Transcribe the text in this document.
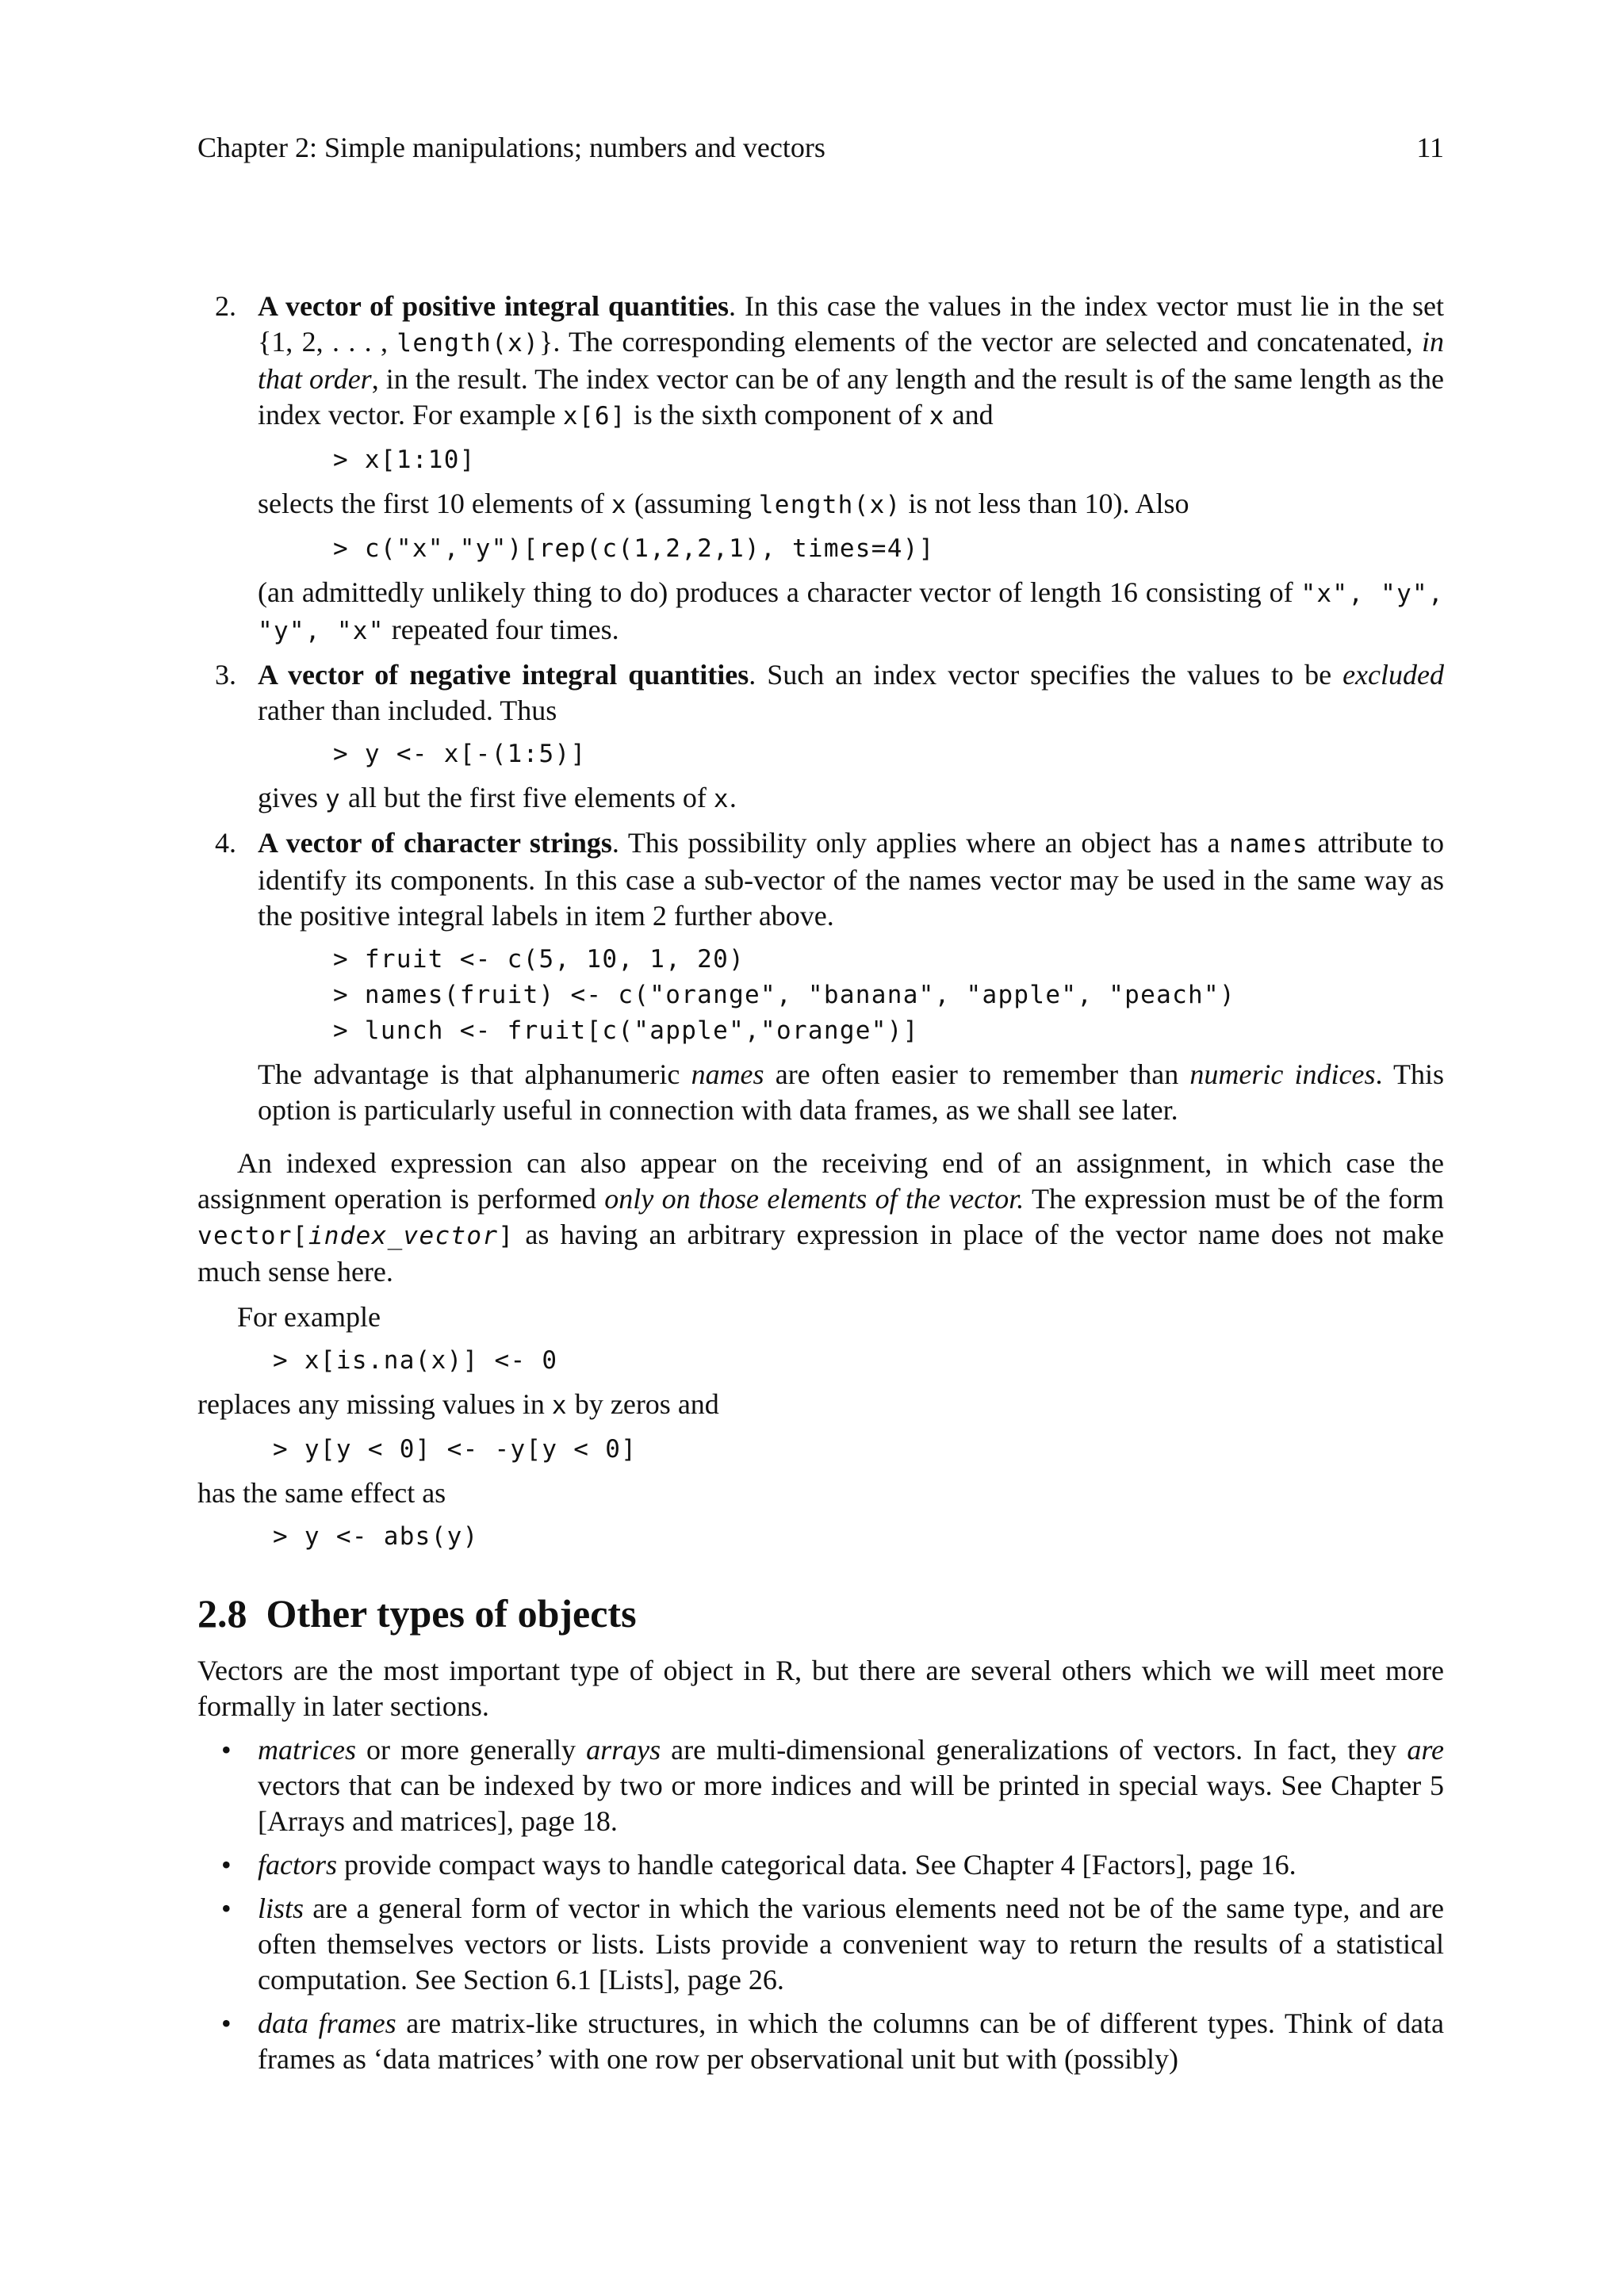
Chapter 2: Simple manipulations; numbers and vectors	11
2. A vector of positive integral quantities. In this case the values in the index vector must lie in the set {1, 2, . . . , length(x)}. The corresponding elements of the vector are selected and concatenated, in that order, in the result. The index vector can be of any length and the result is of the same length as the index vector. For example x[6] is the sixth component of x and

> x[1:10]

selects the first 10 elements of x (assuming length(x) is not less than 10). Also

> c("x","y")[rep(c(1,2,2,1), times=4)]

(an admittedly unlikely thing to do) produces a character vector of length 16 consisting of "x", "y", "y", "x" repeated four times.

3. A vector of negative integral quantities. Such an index vector specifies the values to be excluded rather than included. Thus

> y <- x[-(1:5)]

gives y all but the first five elements of x.

4. A vector of character strings. This possibility only applies where an object has a names attribute to identify its components. In this case a sub-vector of the names vector may be used in the same way as the positive integral labels in item 2 further above.

> fruit <- c(5, 10, 1, 20)
> names(fruit) <- c("orange", "banana", "apple", "peach")
> lunch <- fruit[c("apple","orange")]

The advantage is that alphanumeric names are often easier to remember than numeric indices. This option is particularly useful in connection with data frames, as we shall see later.

An indexed expression can also appear on the receiving end of an assignment, in which case the assignment operation is performed only on those elements of the vector. The expression must be of the form vector[index_vector] as having an arbitrary expression in place of the vector name does not make much sense here.

For example

> x[is.na(x)] <- 0

replaces any missing values in x by zeros and

> y[y < 0] <- -y[y < 0]

has the same effect as

> y <- abs(y)
2.8 Other types of objects

Vectors are the most important type of object in R, but there are several others which we will meet more formally in later sections.

• matrices or more generally arrays are multi-dimensional generalizations of vectors. In fact, they are vectors that can be indexed by two or more indices and will be printed in special ways. See Chapter 5 [Arrays and matrices], page 18.

• factors provide compact ways to handle categorical data. See Chapter 4 [Factors], page 16.

• lists are a general form of vector in which the various elements need not be of the same type, and are often themselves vectors or lists. Lists provide a convenient way to return the results of a statistical computation. See Section 6.1 [Lists], page 26.

• data frames are matrix-like structures, in which the columns can be of different types. Think of data frames as ‘data matrices’ with one row per observational unit but with (possibly)
